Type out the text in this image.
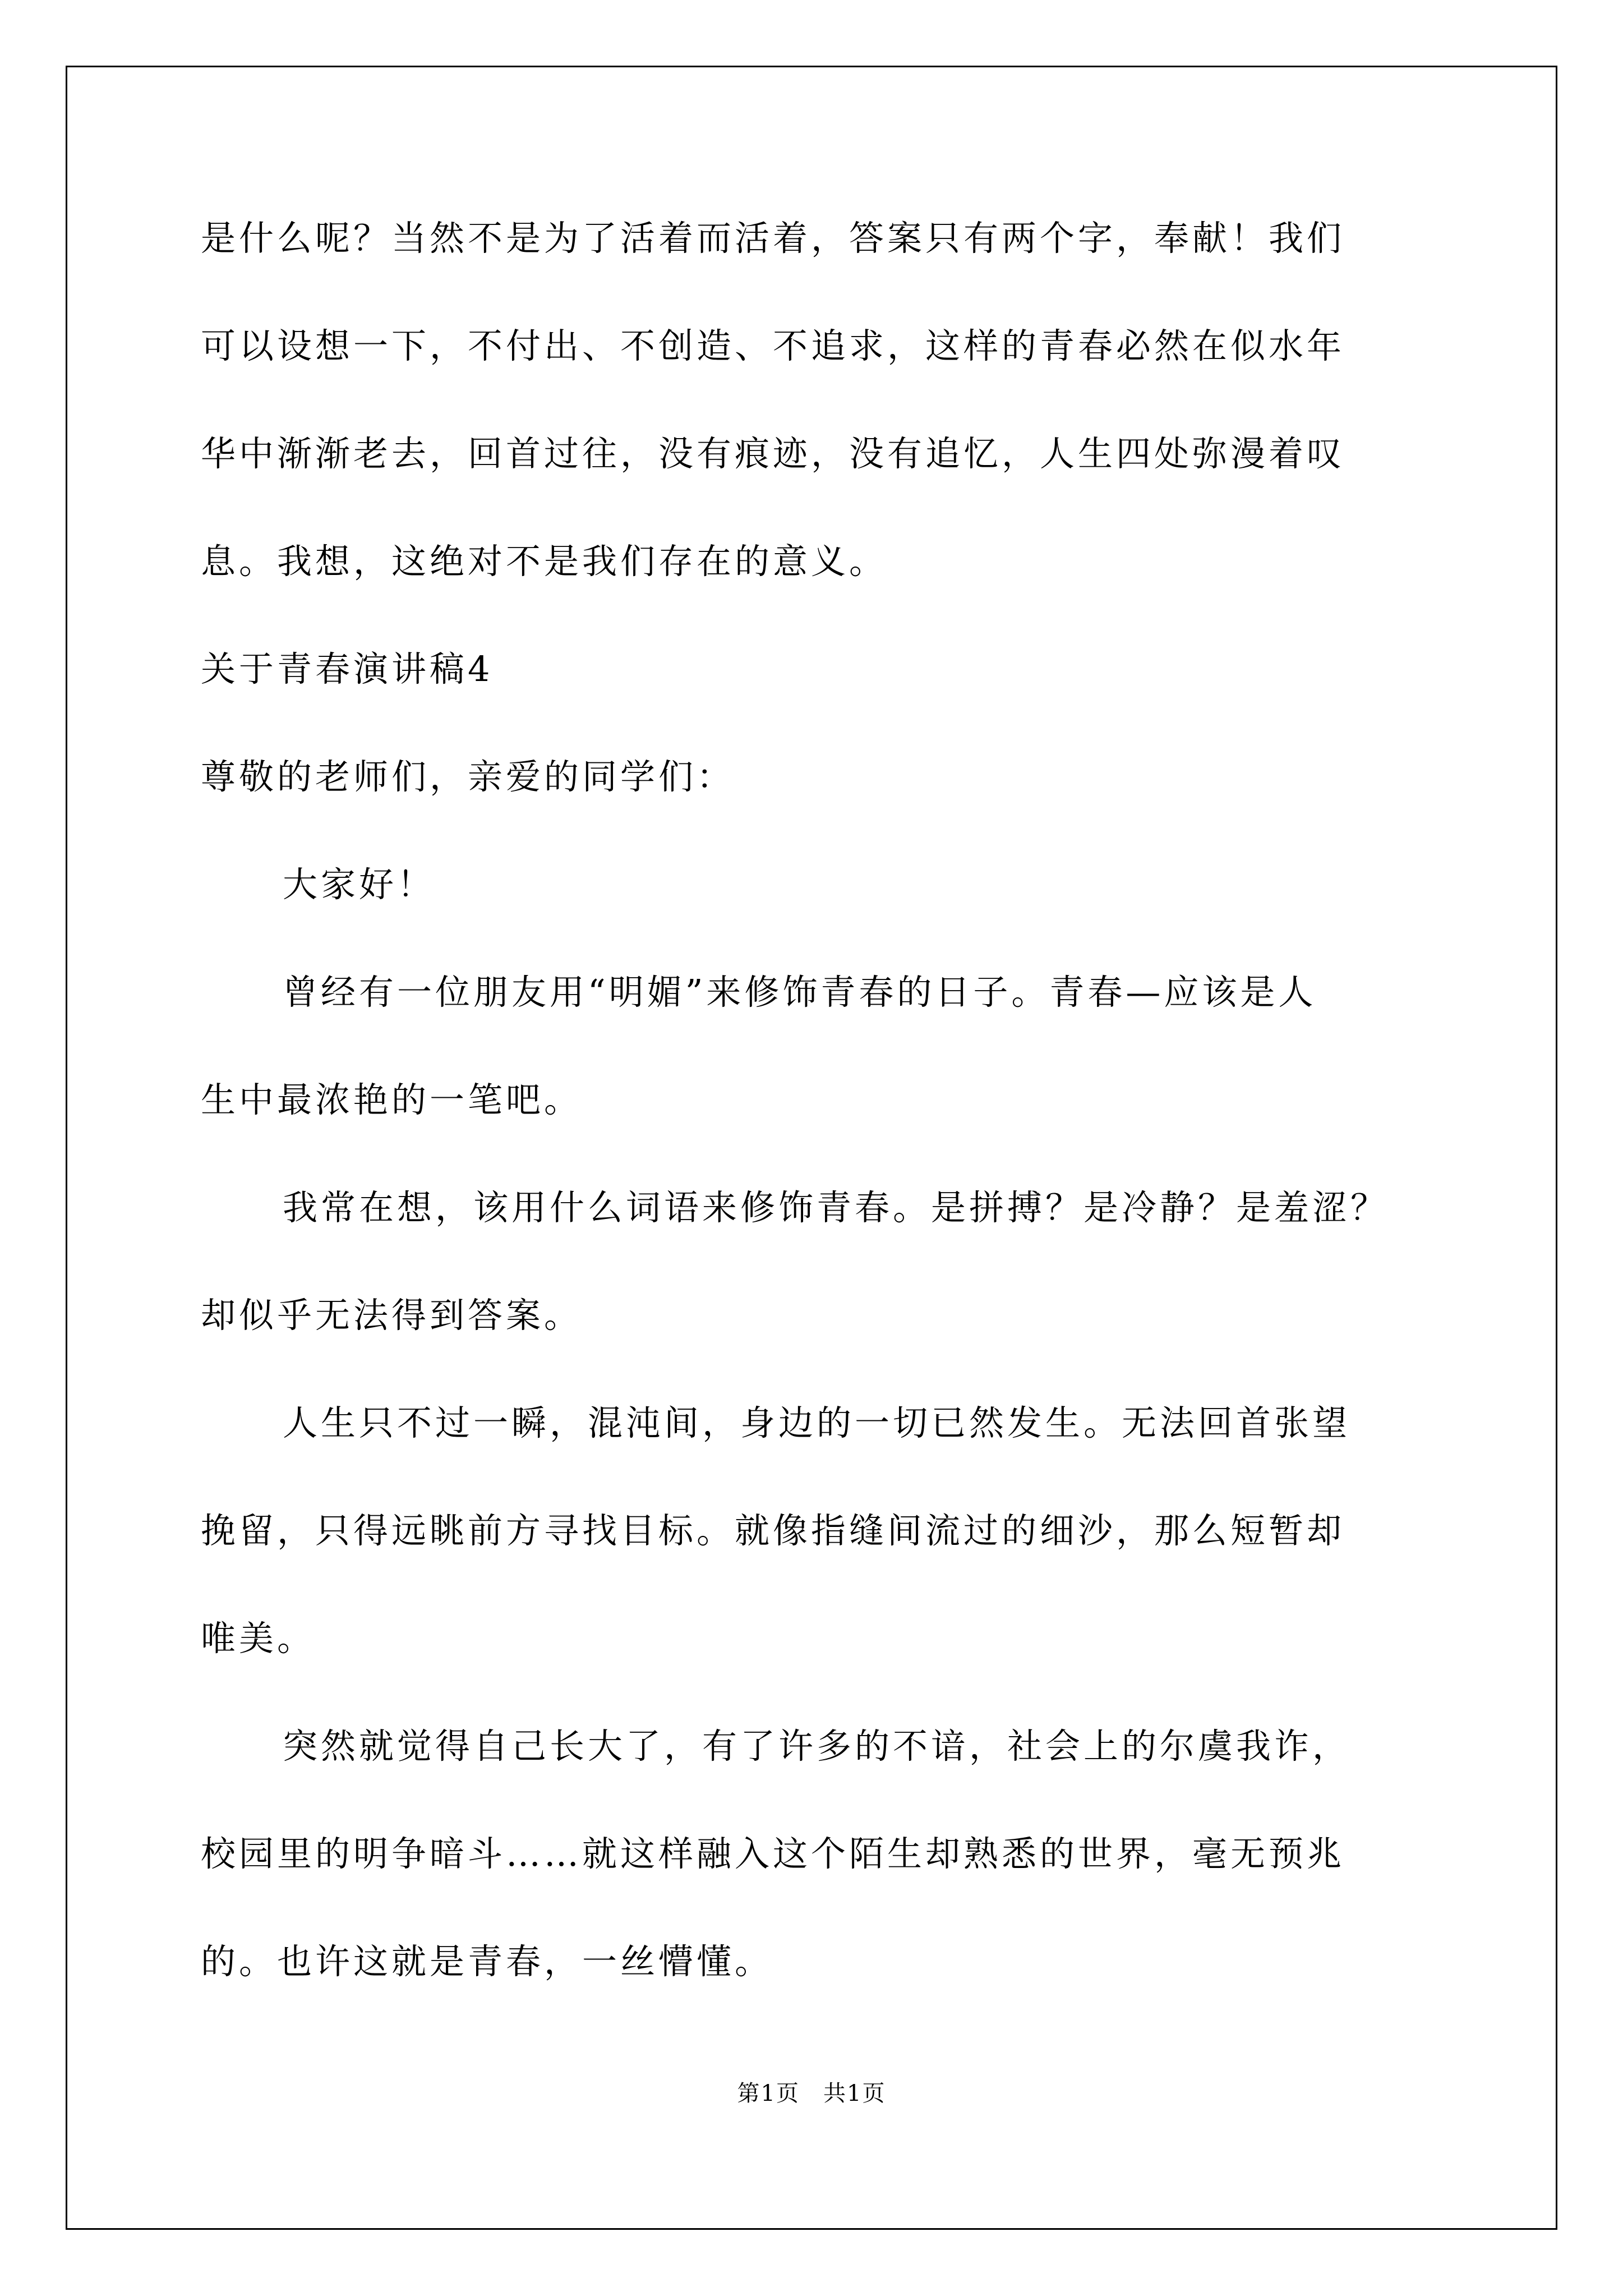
是什么呢？当然不是为了活着而活着，答案只有两个字，奉献！我们
可以设想一下，不付出、不创造、不追求，这样的青春必然在似水年
华中渐渐老去，回首过往，没有痕迹，没有追忆，人生四处弥漫着叹
息。我想，这绝对不是我们存在的意义。
关于青春演讲稿4
尊敬的老师们，亲爱的同学们：
大家好！
曾经有一位朋友用“明媚”来修饰青春的日子。青春—应该是人
生中最浓艳的一笔吧。
我常在想，该用什么词语来修饰青春。是拼搏？是冷静？是羞涩？
却似乎无法得到答案。
人生只不过一瞬，混沌间，身边的一切已然发生。无法回首张望
挽留，只得远眺前方寻找目标。就像指缝间流过的细沙，那么短暂却
唯美。
突然就觉得自己长大了，有了许多的不谙，社会上的尔虞我诈，
校园里的明争暗斗……就这样融入这个陌生却熟悉的世界，毫无预兆
的。也许这就是青春，一丝懵懂。
第1页　共1页
